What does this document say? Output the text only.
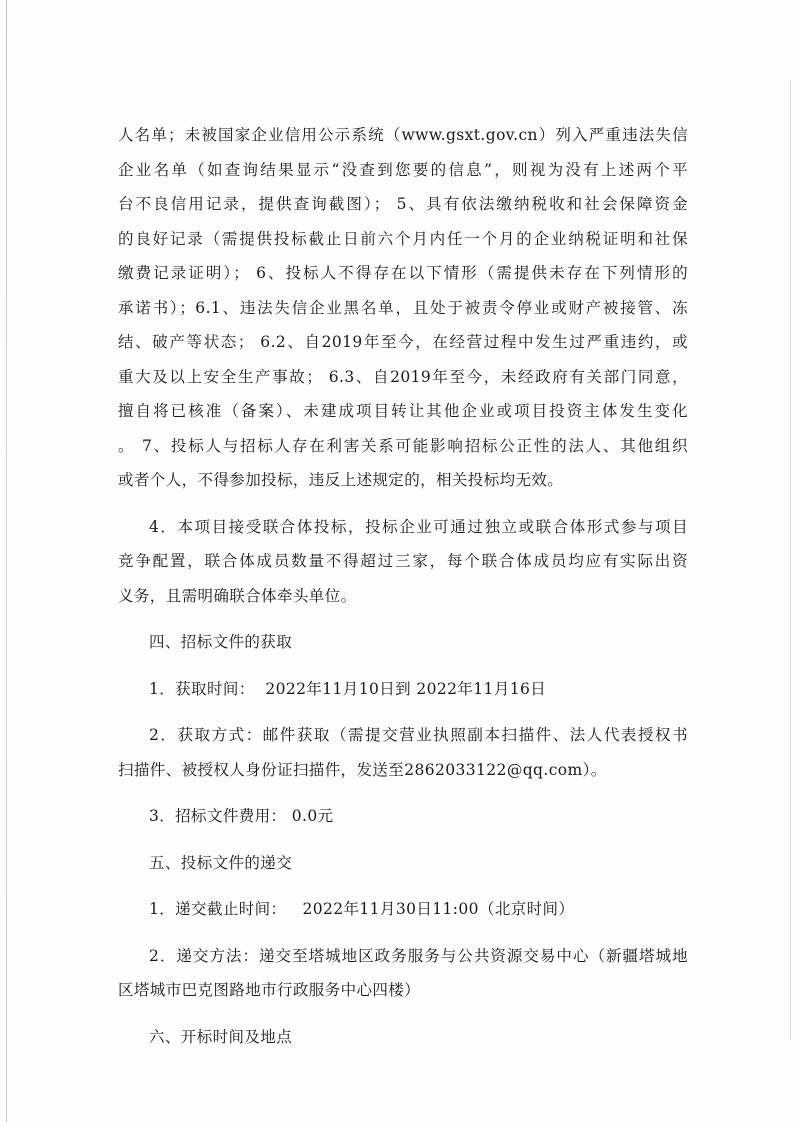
人名单；未被国家企业信用公示系统（www.gsxt.gov.cn）列入严重违法失信
企业名单（如查询结果显示“没查到您要的信息”，则视为没有上述两个平
台不良信用记录，提供查询截图）； 5、具有依法缴纳税收和社会保障资金
的良好记录（需提供投标截止日前六个月内任一个月的企业纳税证明和社保
缴费记录证明）； 6、投标人不得存在以下情形（需提供未存在下列情形的
承诺书）；6.1、违法失信企业黑名单，且处于被责令停业或财产被接管、冻
结、破产等状态； 6.2、自2019年至今，在经营过程中发生过严重违约，或
重大及以上安全生产事故； 6.3、自2019年至今，未经政府有关部门同意，
擅自将已核准（备案）、未建成项目转让其他企业或项目投资主体发生变化
。 7、投标人与招标人存在利害关系可能影响招标公正性的法人、其他组织
或者个人，不得参加投标，违反上述规定的，相关投标均无效。

4．本项目接受联合体投标，投标企业可通过独立或联合体形式参与项目
竞争配置，联合体成员数量不得超过三家，每个联合体成员均应有实际出资
义务，且需明确联合体牵头单位。

四、招标文件的获取

1．获取时间： 2022年11月10日到 2022年11月16日

2．获取方式：邮件获取（需提交营业执照副本扫描件、法人代表授权书
扫描件、被授权人身份证扫描件，发送至2862033122@qq.com）。

3．招标文件费用： 0.0元

五、投标文件的递交

1．递交截止时间： 2022年11月30日11:00（北京时间）

2．递交方法：递交至塔城地区政务服务与公共资源交易中心（新疆塔城地
区塔城市巴克图路地市行政服务中心四楼）

六、开标时间及地点
